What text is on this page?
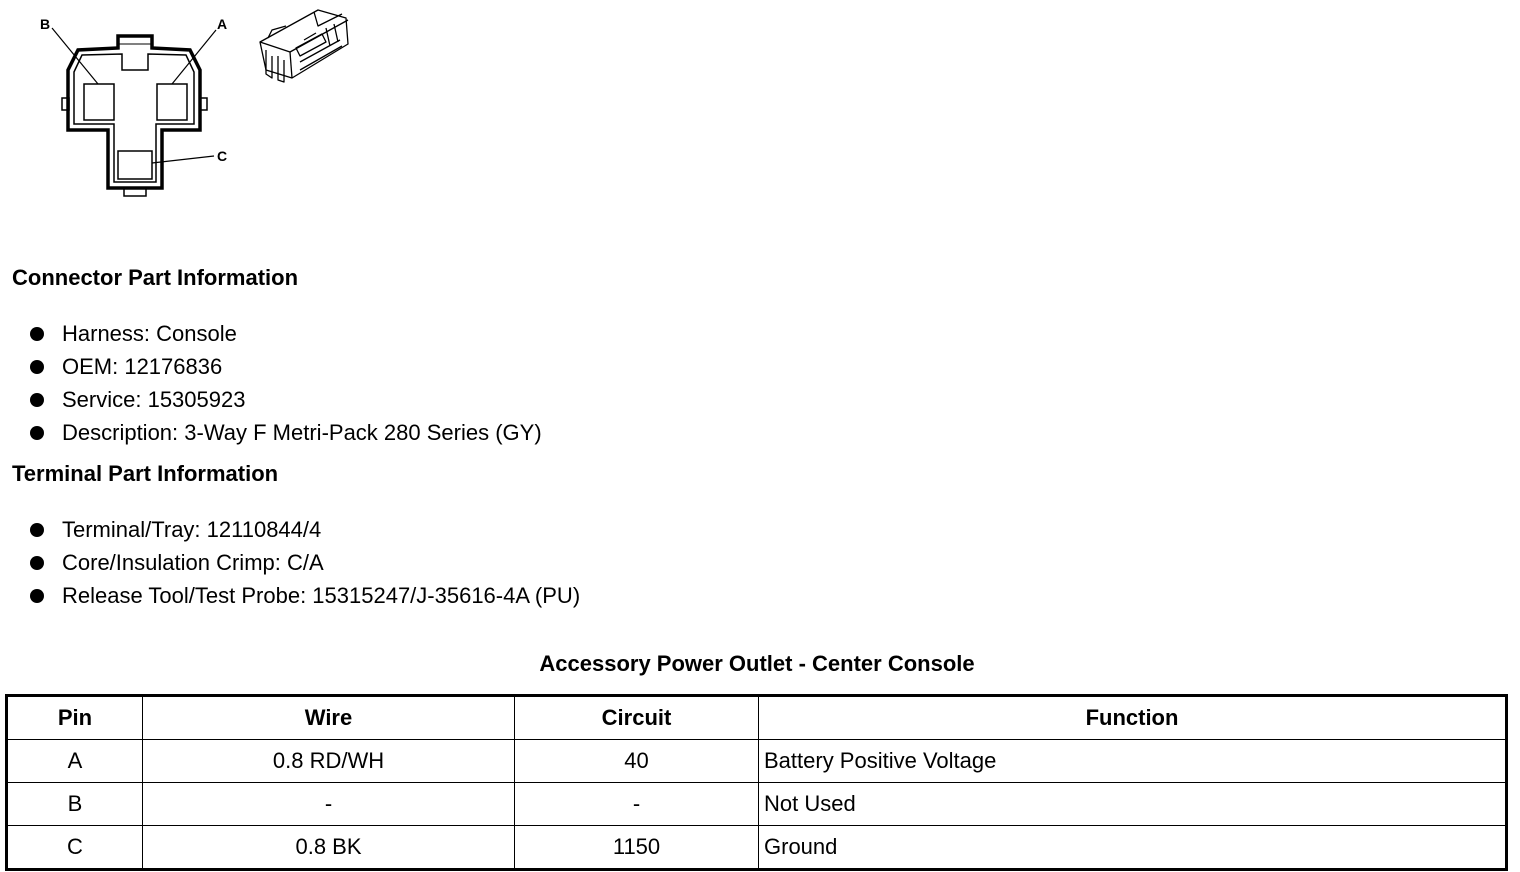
B	A
C
Connector Part Information
Harness: Console
OEM: 12176836
Service: 15305923
Description: 3-Way F Metri-Pack 280 Series (GY)
Terminal Part Information
Terminal/Tray: 12110844/4
Core/Insulation Crimp: C/A
Release Tool/Test Probe: 15315247/J-35616-4A (PU)
Accessory Power Outlet - Center Console
Pin	Wire	Circuit	Function
A	0.8 RD/WH	40	Battery Positive Voltage
B	-	-	Not Used
C	0.8 BK	1150	Ground
